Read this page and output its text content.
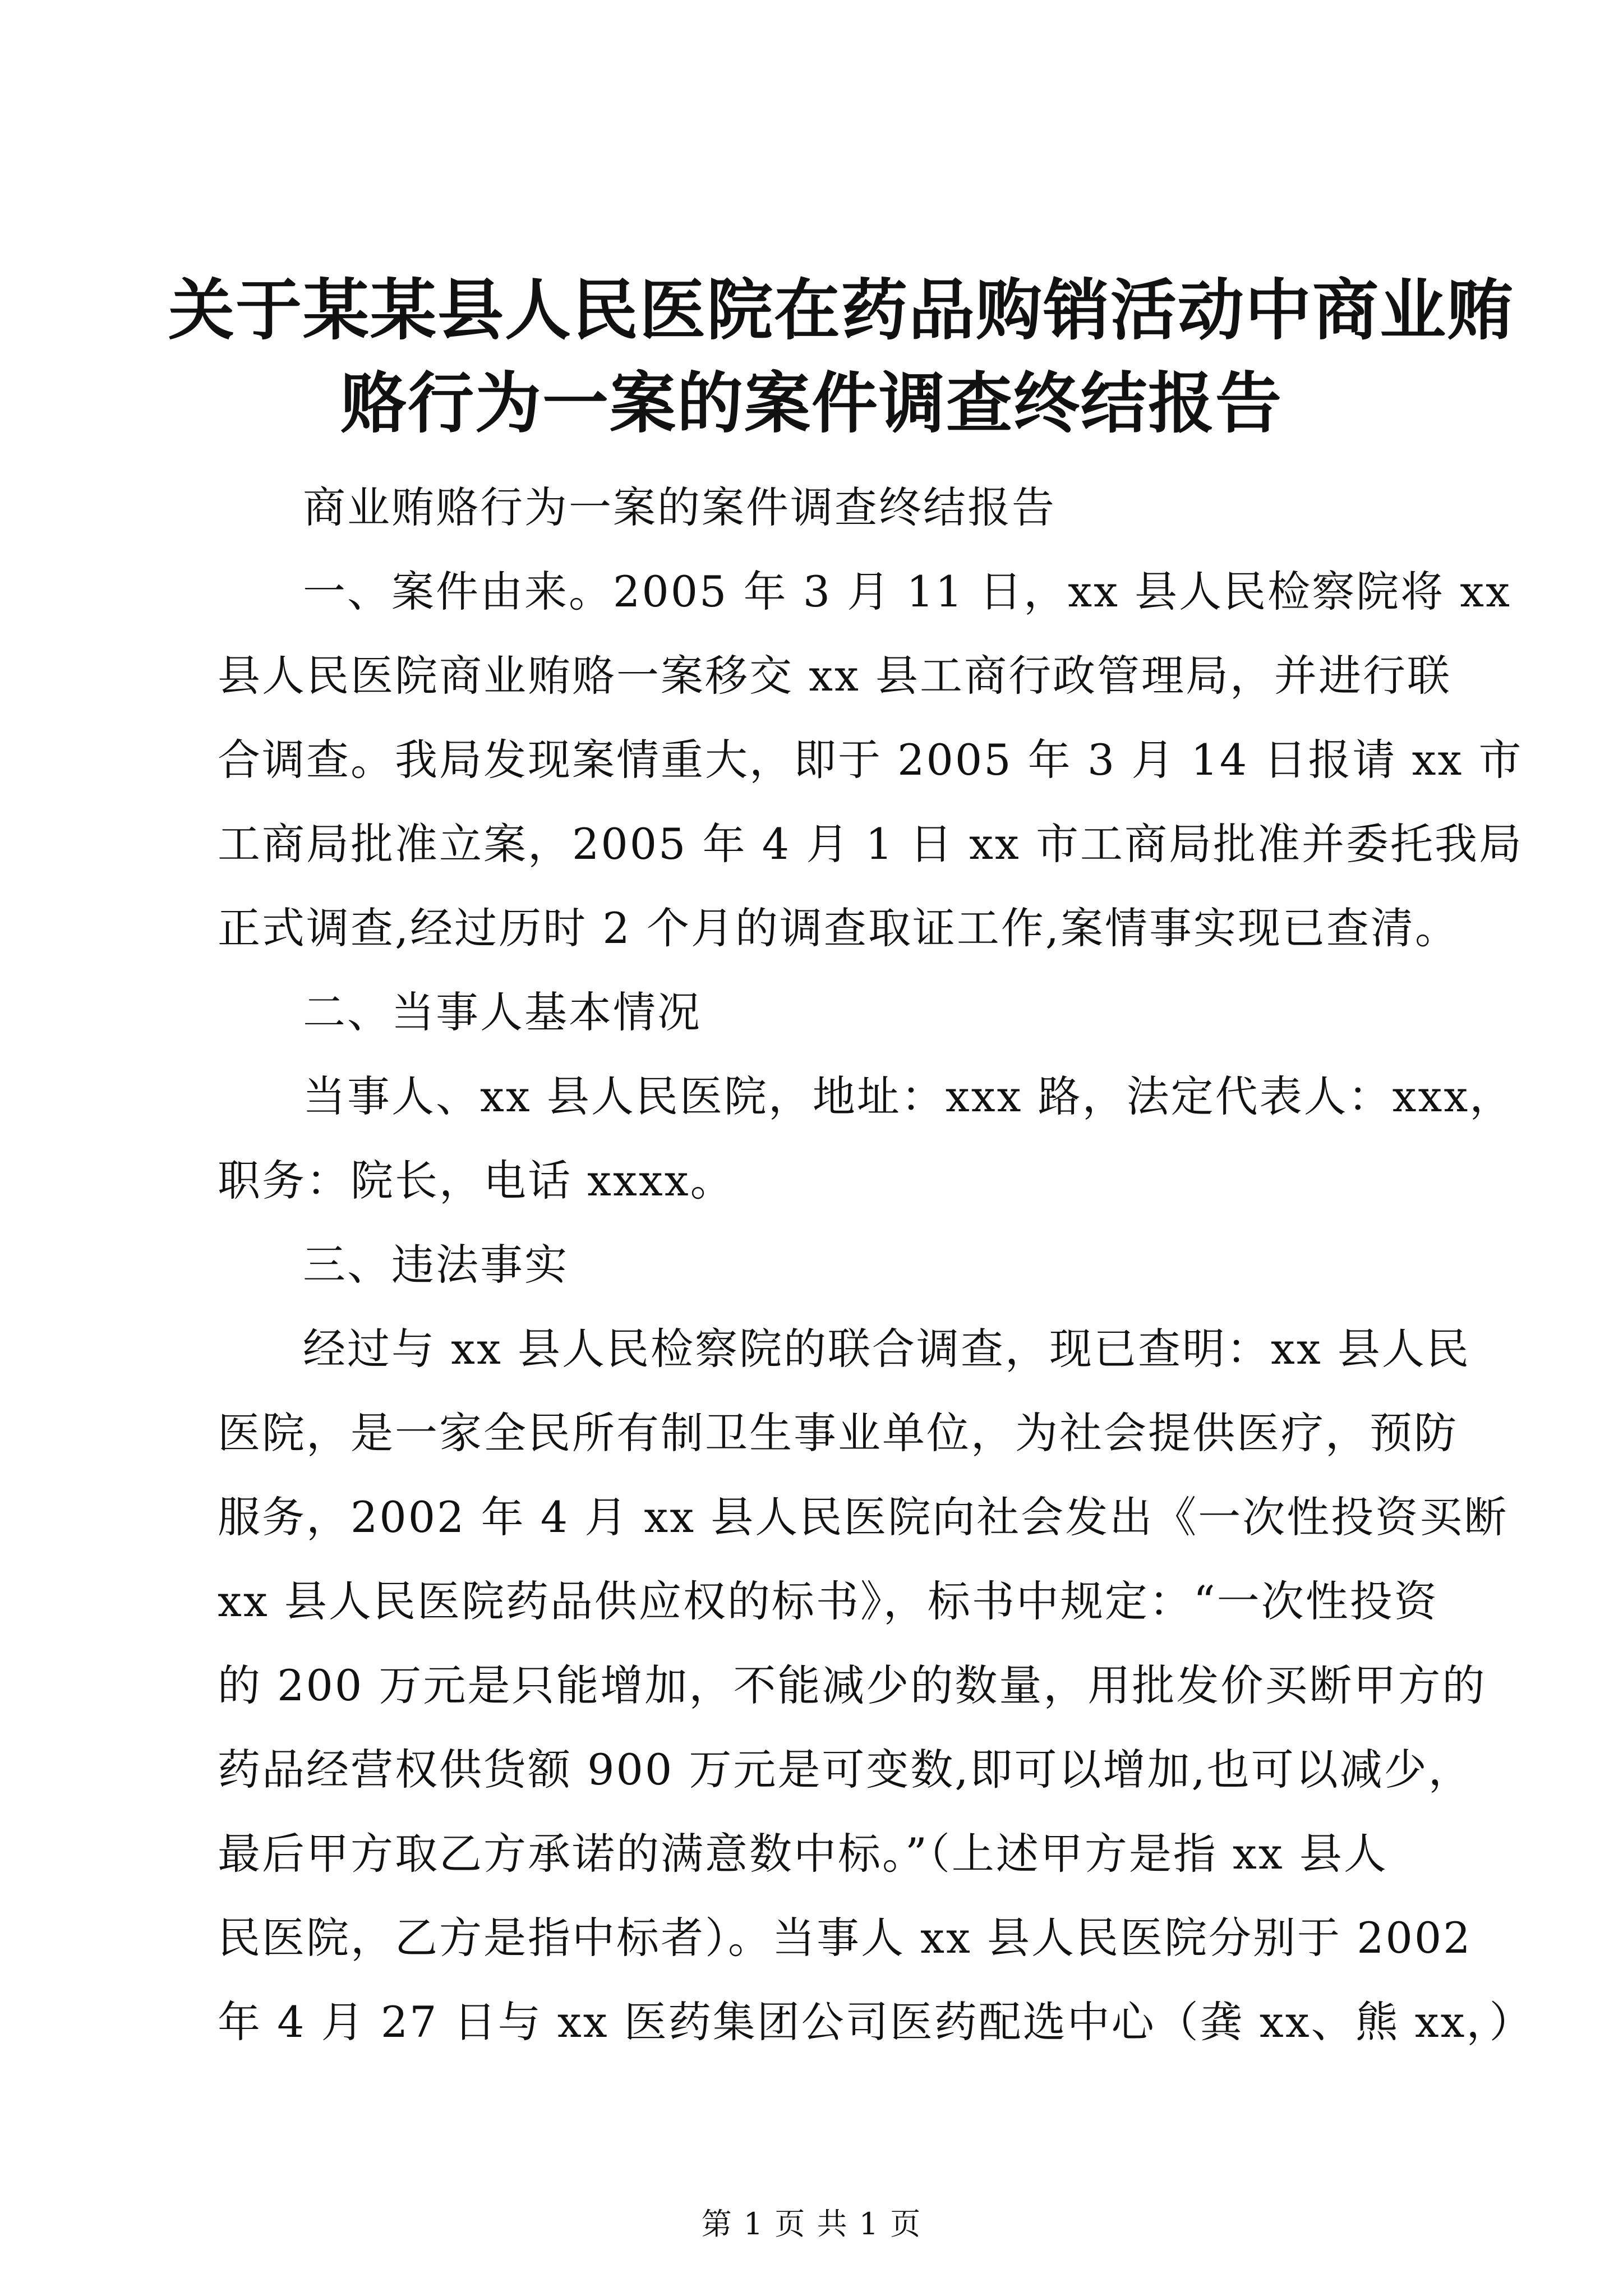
关于某某县人民医院在药品购销活动中商业贿
赂行为一案的案件调查终结报告
商业贿赂行为一案的案件调查终结报告
一、案件由来。2005 年 3 月 11 日，xx 县人民检察院将 xx
县人民医院商业贿赂一案移交 xx 县工商行政管理局，并进行联
合调查。我局发现案情重大，即于 2005 年 3 月 14 日报请 xx 市
工商局批准立案，2005 年 4 月 1 日 xx 市工商局批准并委托我局
正式调查,经过历时 2 个月的调查取证工作,案情事实现已查清。
二、当事人基本情况
当事人、xx 县人民医院，地址：xxx 路，法定代表人：xxx，
职务：院长，电话 xxxx。
三、违法事实
经过与 xx 县人民检察院的联合调查，现已查明：xx 县人民
医院，是一家全民所有制卫生事业单位，为社会提供医疗，预防
服务，2002 年 4 月 xx 县人民医院向社会发出《一次性投资买断
xx 县人民医院药品供应权的标书》，标书中规定：“一次性投资
的 200 万元是只能增加，不能减少的数量，用批发价买断甲方的
药品经营权供货额 900 万元是可变数,即可以增加,也可以减少，
最后甲方取乙方承诺的满意数中标。”（上述甲方是指 xx 县人
民医院，乙方是指中标者）。当事人 xx 县人民医院分别于 2002
年 4 月 27 日与 xx 医药集团公司医药配选中心（龚 xx、熊 xx，）
第 1 页 共 1 页
